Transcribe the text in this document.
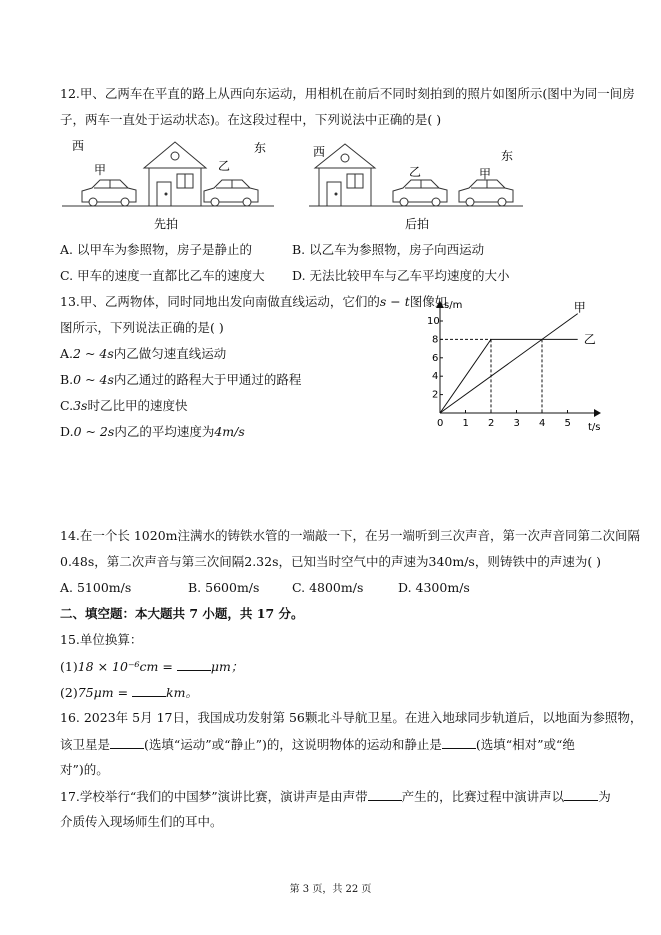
12.甲、乙两车在平直的路上从西向东运动，用相机在前后不同时刻拍到的照片如图所示(图中为同一间房
子，两车一直处于运动状态)。在这段过程中，下列说法中正确的是( )
西
甲	乙
东
先拍
西
乙	甲
东
后拍
A. 以甲车为参照物，房子是静止的	B. 以乙车为参照物，房子向西运动
C. 甲车的速度一直都比乙车的速度大 D. 无法比较甲车与乙车平均速度的大小
13.甲、乙两物体，同时同地出发向南做直线运动，它们的s − t图像如
图所示，下列说法正确的是( )
A.2 ~ 4s内乙做匀速直线运动
B.0 ~ 4s内乙通过的路程大于甲通过的路程
C.3s时乙比甲的速度快
D.0 ~ 2s内乙的平均速度为4m/s
s/m
t/s
0 1 2 3 4 5
2
4
6
8
10
甲
乙
14.在一个长 1020m注满水的铸铁水管的一端敲一下，在另一端听到三次声音，第一次声音同第二次间隔
0.48s，第二次声音与第三次间隔2.32s，已知当时空气中的声速为340m/s，则铸铁中的声速为( )
A. 5100m/s	B. 5600m/s	C. 4800m/s	D. 4300m/s
二、填空题：本大题共 7 小题，共 17 分。
15.单位换算：
(1)18 × 10⁻⁶cm =	μm；
(2)75μm =	km。
16. 2023年 5月 17日，我国成功发射第 56颗北斗导航卫星。在进入地球同步轨道后，以地面为参照物，
该卫星是	(选填“运动”或“静止”)的，这说明物体的运动和静止是	(选填“相对”或“绝
对”)的。
17.学校举行“我们的中国梦”演讲比赛，演讲声是由声带	产生的，比赛过程中演讲声以	为
介质传入现场师生们的耳中。
第 3 页，共 22 页
